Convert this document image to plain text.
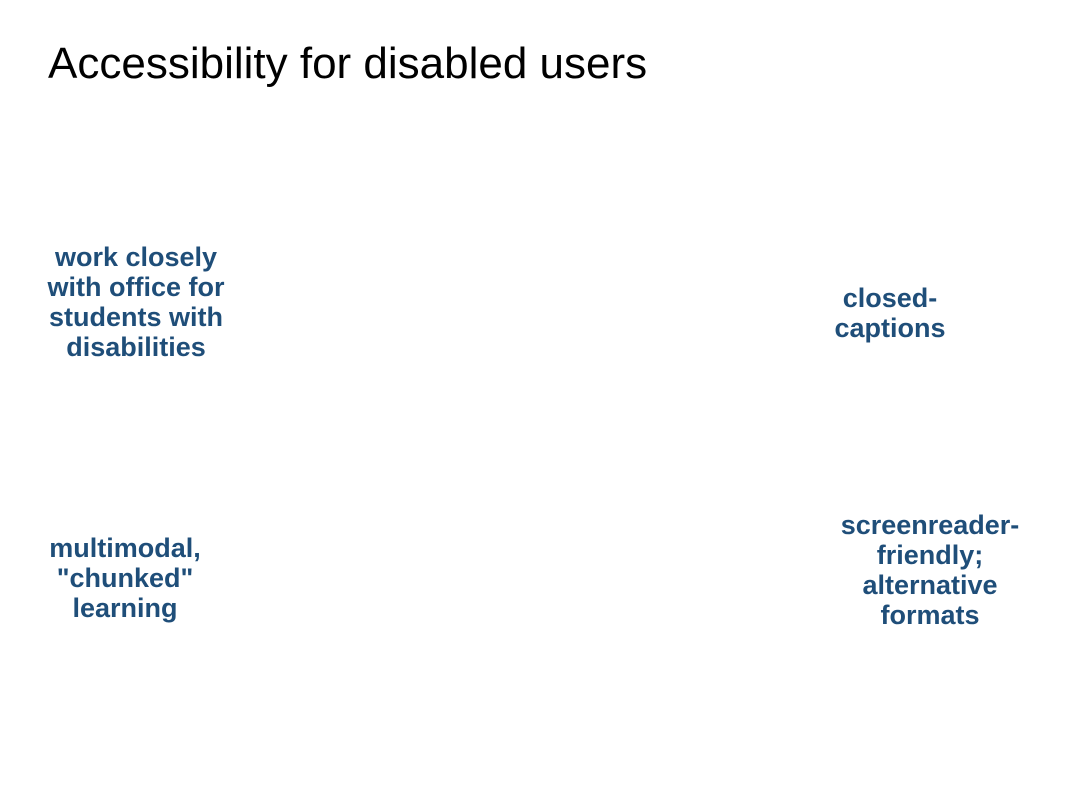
Accessibility for disabled users

work closely
with office for
students with
disabilities

closed-
captions

multimodal,
"chunked"
learning

screenreader-
friendly;
alternative
formats
